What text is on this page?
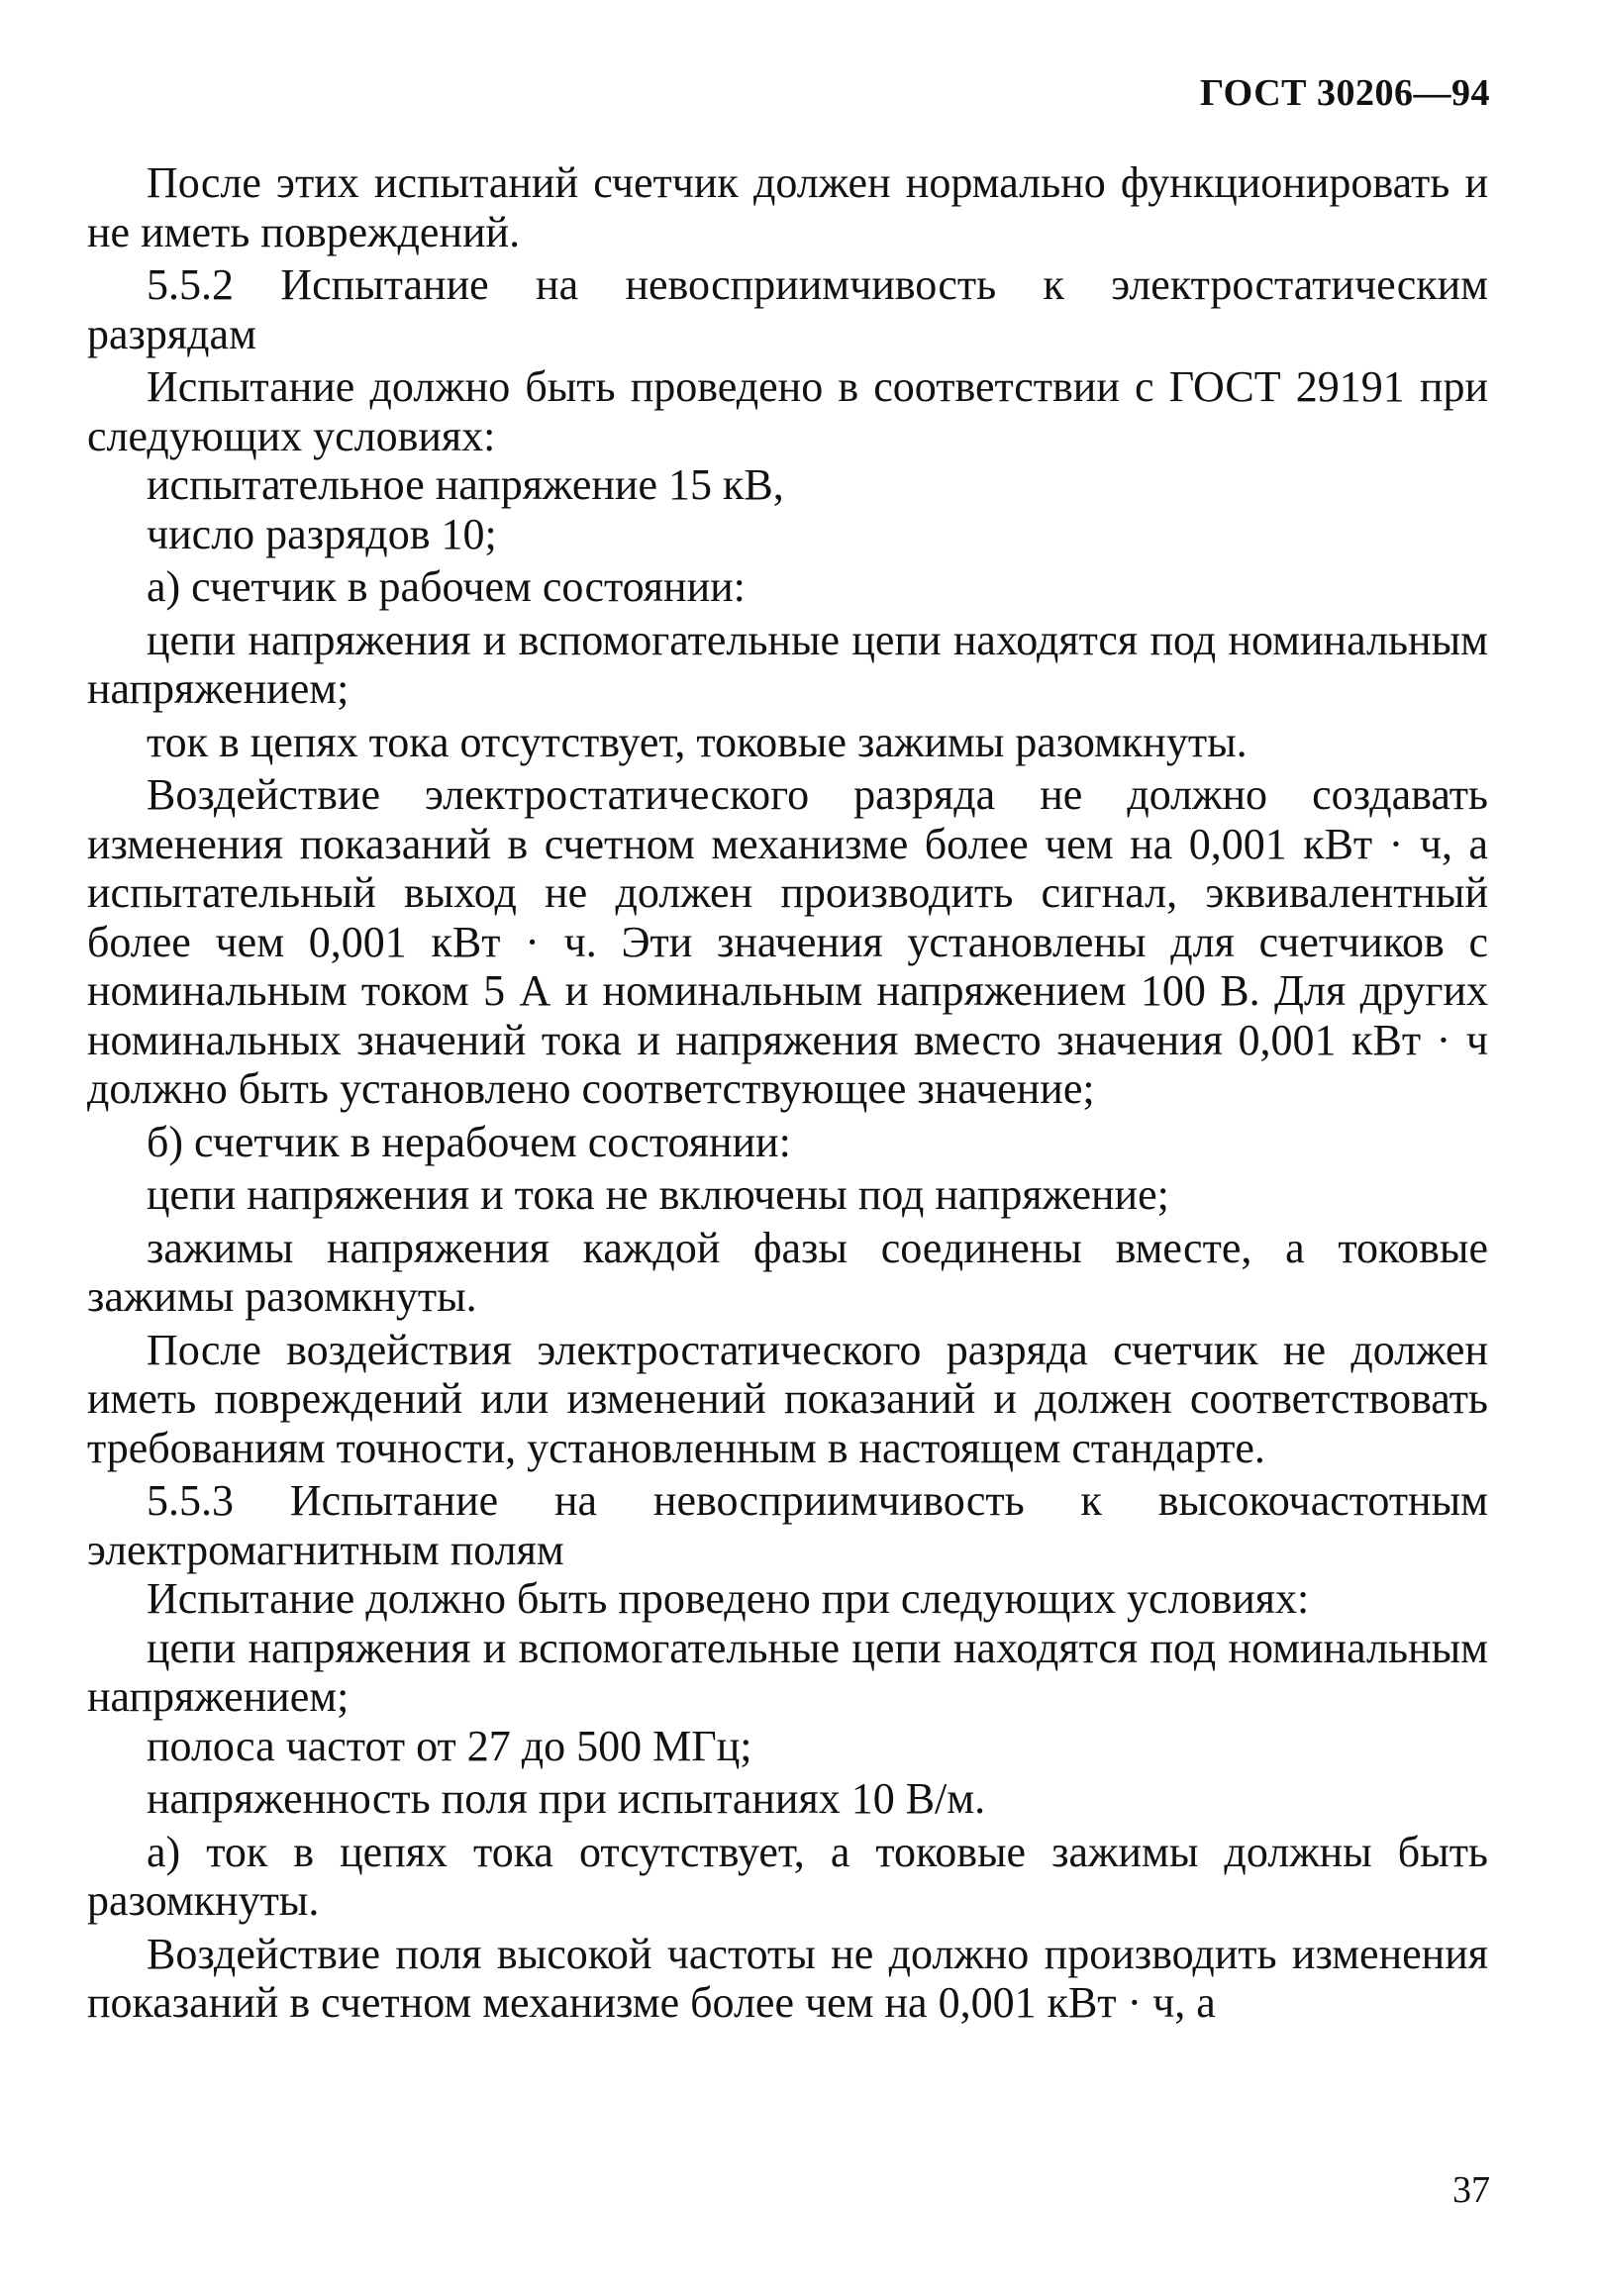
ГОСТ 30206—94

После этих испытаний счетчик должен нормально функционировать и не иметь повреждений.

5.5.2 Испытание на невосприимчивость к электростатическим разрядам

Испытание должно быть проведено в соответствии с ГОСТ 29191 при следующих условиях:

испытательное напряжение 15 кВ,

число разрядов 10;

а) счетчик в рабочем состоянии:

цепи напряжения и вспомогательные цепи находятся под номинальным напряжением;

ток в цепях тока отсутствует, токовые зажимы разомкнуты.

Воздействие электростатического разряда не должно создавать изменения показаний в счетном механизме более чем на 0,001 кВт · ч, а испытательный выход не должен производить сигнал, эквивалентный более чем 0,001 кВт · ч. Эти значения установлены для счетчиков с номинальным током 5 А и номинальным напряжением 100 В. Для других номинальных значений тока и напряжения вместо значения 0,001 кВт · ч должно быть установлено соответствующее значение;

б) счетчик в нерабочем состоянии:

цепи напряжения и тока не включены под напряжение;

зажимы напряжения каждой фазы соединены вместе, а токовые зажимы разомкнуты.

После воздействия электростатического разряда счетчик не должен иметь повреждений или изменений показаний и должен соответствовать требованиям точности, установленным в настоящем стандарте.

5.5.3 Испытание на невосприимчивость к высокочастотным электромагнитным полям

Испытание должно быть проведено при следующих условиях:

цепи напряжения и вспомогательные цепи находятся под номинальным напряжением;

полоса частот от 27 до 500 МГц;

напряженность поля при испытаниях 10 В/м.

а) ток в цепях тока отсутствует, а токовые зажимы должны быть разомкнуты.

Воздействие поля высокой частоты не должно производить изменения показаний в счетном механизме более чем на 0,001 кВт · ч, а

37
